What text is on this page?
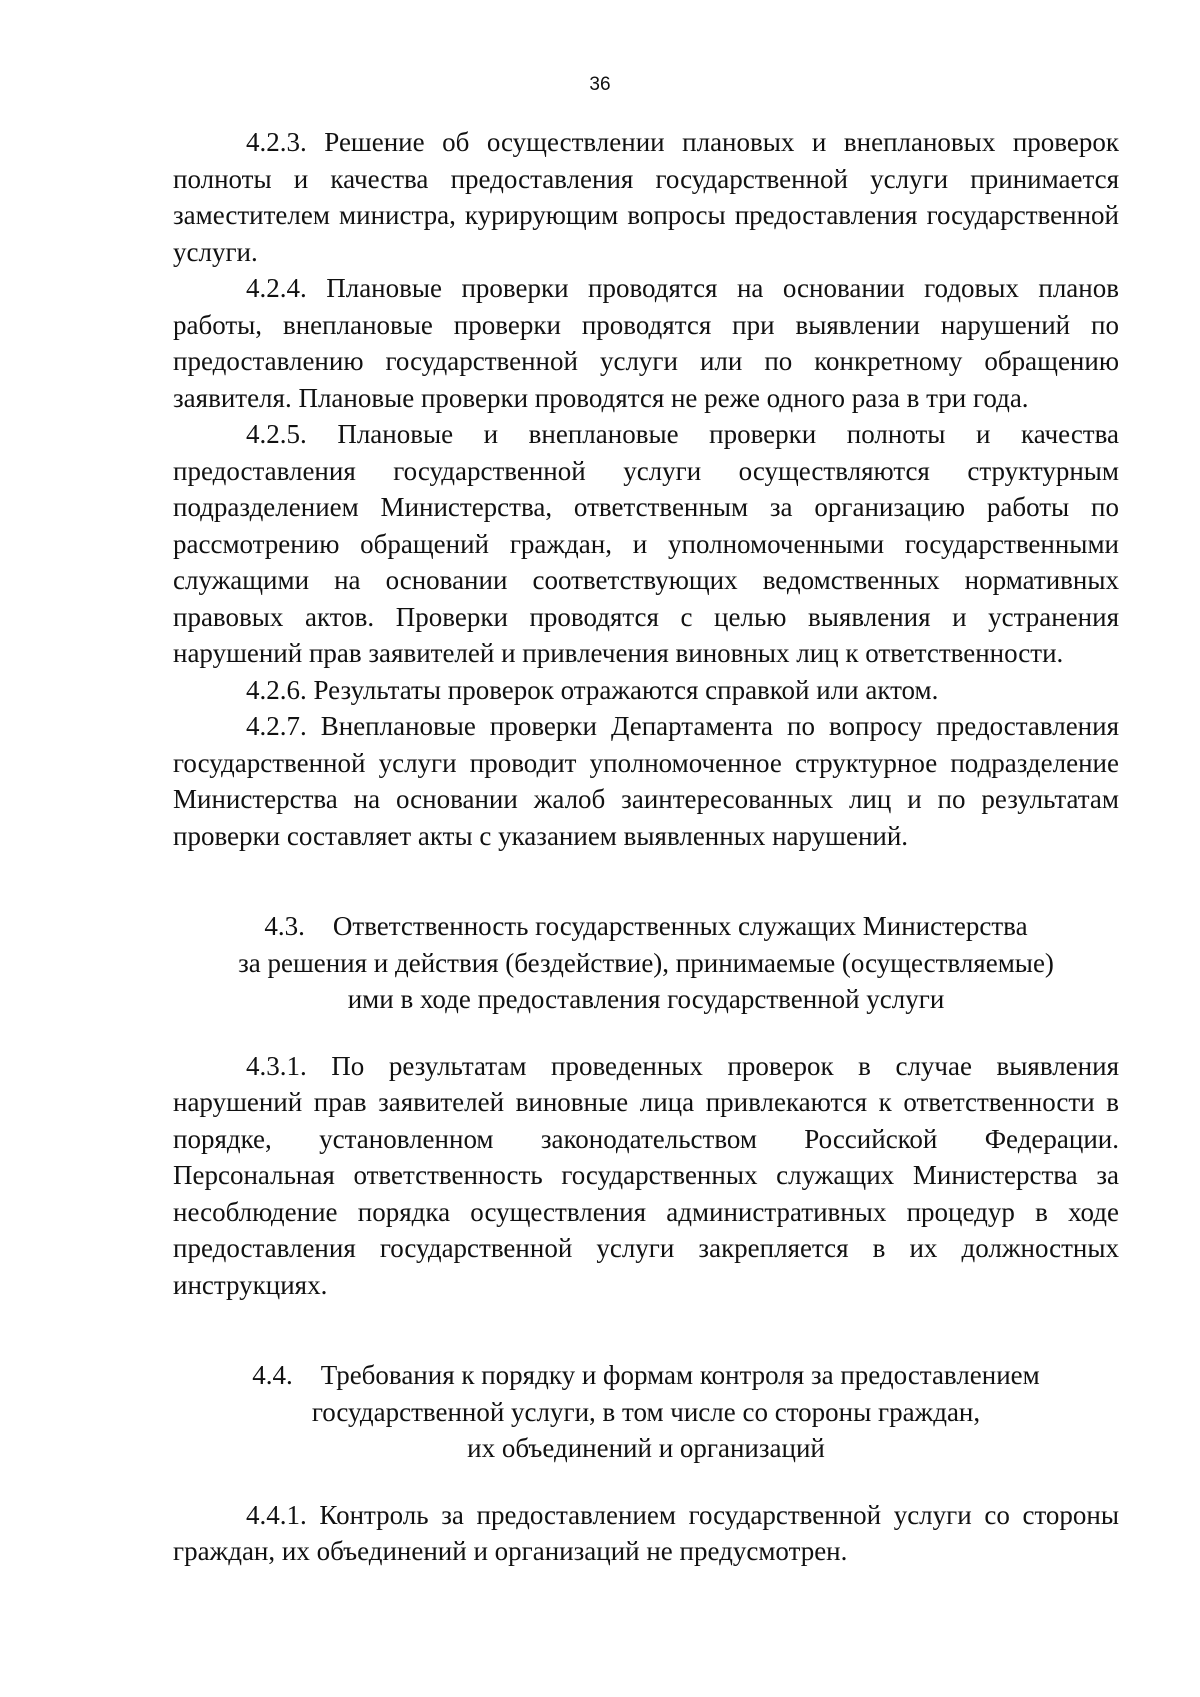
36

4.2.3. Решение об осуществлении плановых и внеплановых проверок полноты и качества предоставления государственной услуги принимается заместителем министра, курирующим вопросы предоставления государственной услуги.

4.2.4. Плановые проверки проводятся на основании годовых планов работы, внеплановые проверки проводятся при выявлении нарушений по предоставлению государственной услуги или по конкретному обращению заявителя. Плановые проверки проводятся не реже одного раза в три года.

4.2.5. Плановые и внеплановые проверки полноты и качества предоставления государственной услуги осуществляются структурным подразделением Министерства, ответственным за организацию работы по рассмотрению обращений граждан, и уполномоченными государственными служащими на основании соответствующих ведомственных нормативных правовых актов. Проверки проводятся с целью выявления и устранения нарушений прав заявителей и привлечения виновных лиц к ответственности.

4.2.6. Результаты проверок отражаются справкой или актом.

4.2.7. Внеплановые проверки Департамента по вопросу предоставления государственной услуги проводит уполномоченное структурное подразделение Министерства на основании жалоб заинтересованных лиц и по результатам проверки составляет акты с указанием выявленных нарушений.

4.3. Ответственность государственных служащих Министерства
за решения и действия (бездействие), принимаемые (осуществляемые)
ими в ходе предоставления государственной услуги

4.3.1. По результатам проведенных проверок в случае выявления нарушений прав заявителей виновные лица привлекаются к ответственности в порядке, установленном законодательством Российской Федерации. Персональная ответственность государственных служащих Министерства за несоблюдение порядка осуществления административных процедур в ходе предоставления государственной услуги закрепляется в их должностных инструкциях.

4.4. Требования к порядку и формам контроля за предоставлением
государственной услуги, в том числе со стороны граждан,
их объединений и организаций

4.4.1. Контроль за предоставлением государственной услуги со стороны граждан, их объединений и организаций не предусмотрен.
